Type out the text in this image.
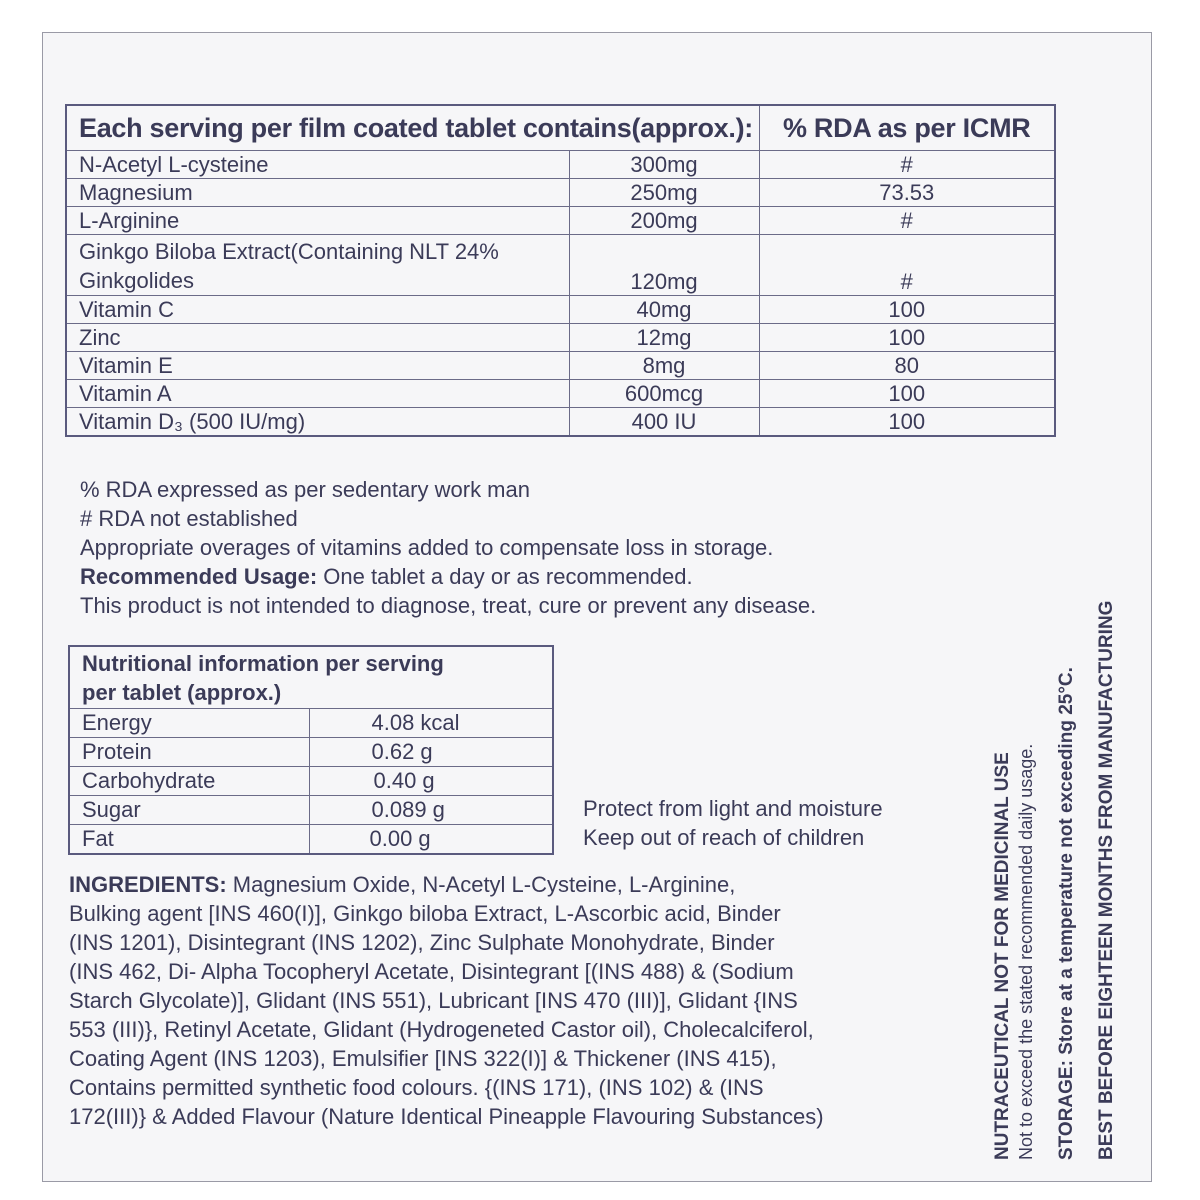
Each serving per film coated tablet contains(approx.):		% RDA as per ICMR
N-Acetyl L-cysteine	300mg	#
Magnesium	250mg	73.53
L-Arginine	200mg	#

Ginkgo Biloba Extract(Containing NLT 24%
Ginkgolides	120mg	#
Vitamin C	40mg	100
Zinc	12mg	100
Vitamin E	8mg	80
Vitamin A	600mcg	100
Vitamin D₃ (500 IU/mg)	400 IU	100

% RDA expressed as per sedentary work man

# RDA not established

Appropriate overages of vitamins added to compensate loss in storage.

Recommended Usage: One tablet a day or as recommended.

This product is not intended to diagnose, treat, cure or prevent any disease.

Nutritional information per serving
per tablet (approx.)	

Energy	4.08 kcal
Protein	0.62 g
Carbohydrate	0.40 g
Sugar	0.089 g
Fat	0.00 g

Protect from light and moisture

Keep out of reach of children

INGREDIENTS: Magnesium Oxide, N-Acetyl L-Cysteine, L-Arginine,

Bulking agent [INS 460(I)], Ginkgo biloba Extract, L-Ascorbic acid, Binder

(INS 1201), Disintegrant (INS 1202), Zinc Sulphate Monohydrate, Binder

(INS 462, Di- Alpha Tocopheryl Acetate, Disintegrant [(INS 488) & (Sodium

Starch Glycolate)], Glidant (INS 551), Lubricant [INS 470 (III)], Glidant {INS

553 (III)}, Retinyl Acetate, Glidant (Hydrogeneted Castor oil), Cholecalciferol,

Coating Agent (INS 1203), Emulsifier [INS 322(I)] & Thickener (INS 415),

Contains permitted synthetic food colours. {(INS 171), (INS 102) & (INS

172(III)} & Added Flavour (Nature Identical Pineapple Flavouring Substances)	NUTRACEUTICAL NOT FOR MEDICINAL USE Not to exceed the stated recommended daily usage. STORAGE: Store at a temperature not exceeding 25°C. BEST BEFORE EIGHTEEN MONTHS FROM MANUFACTURING
